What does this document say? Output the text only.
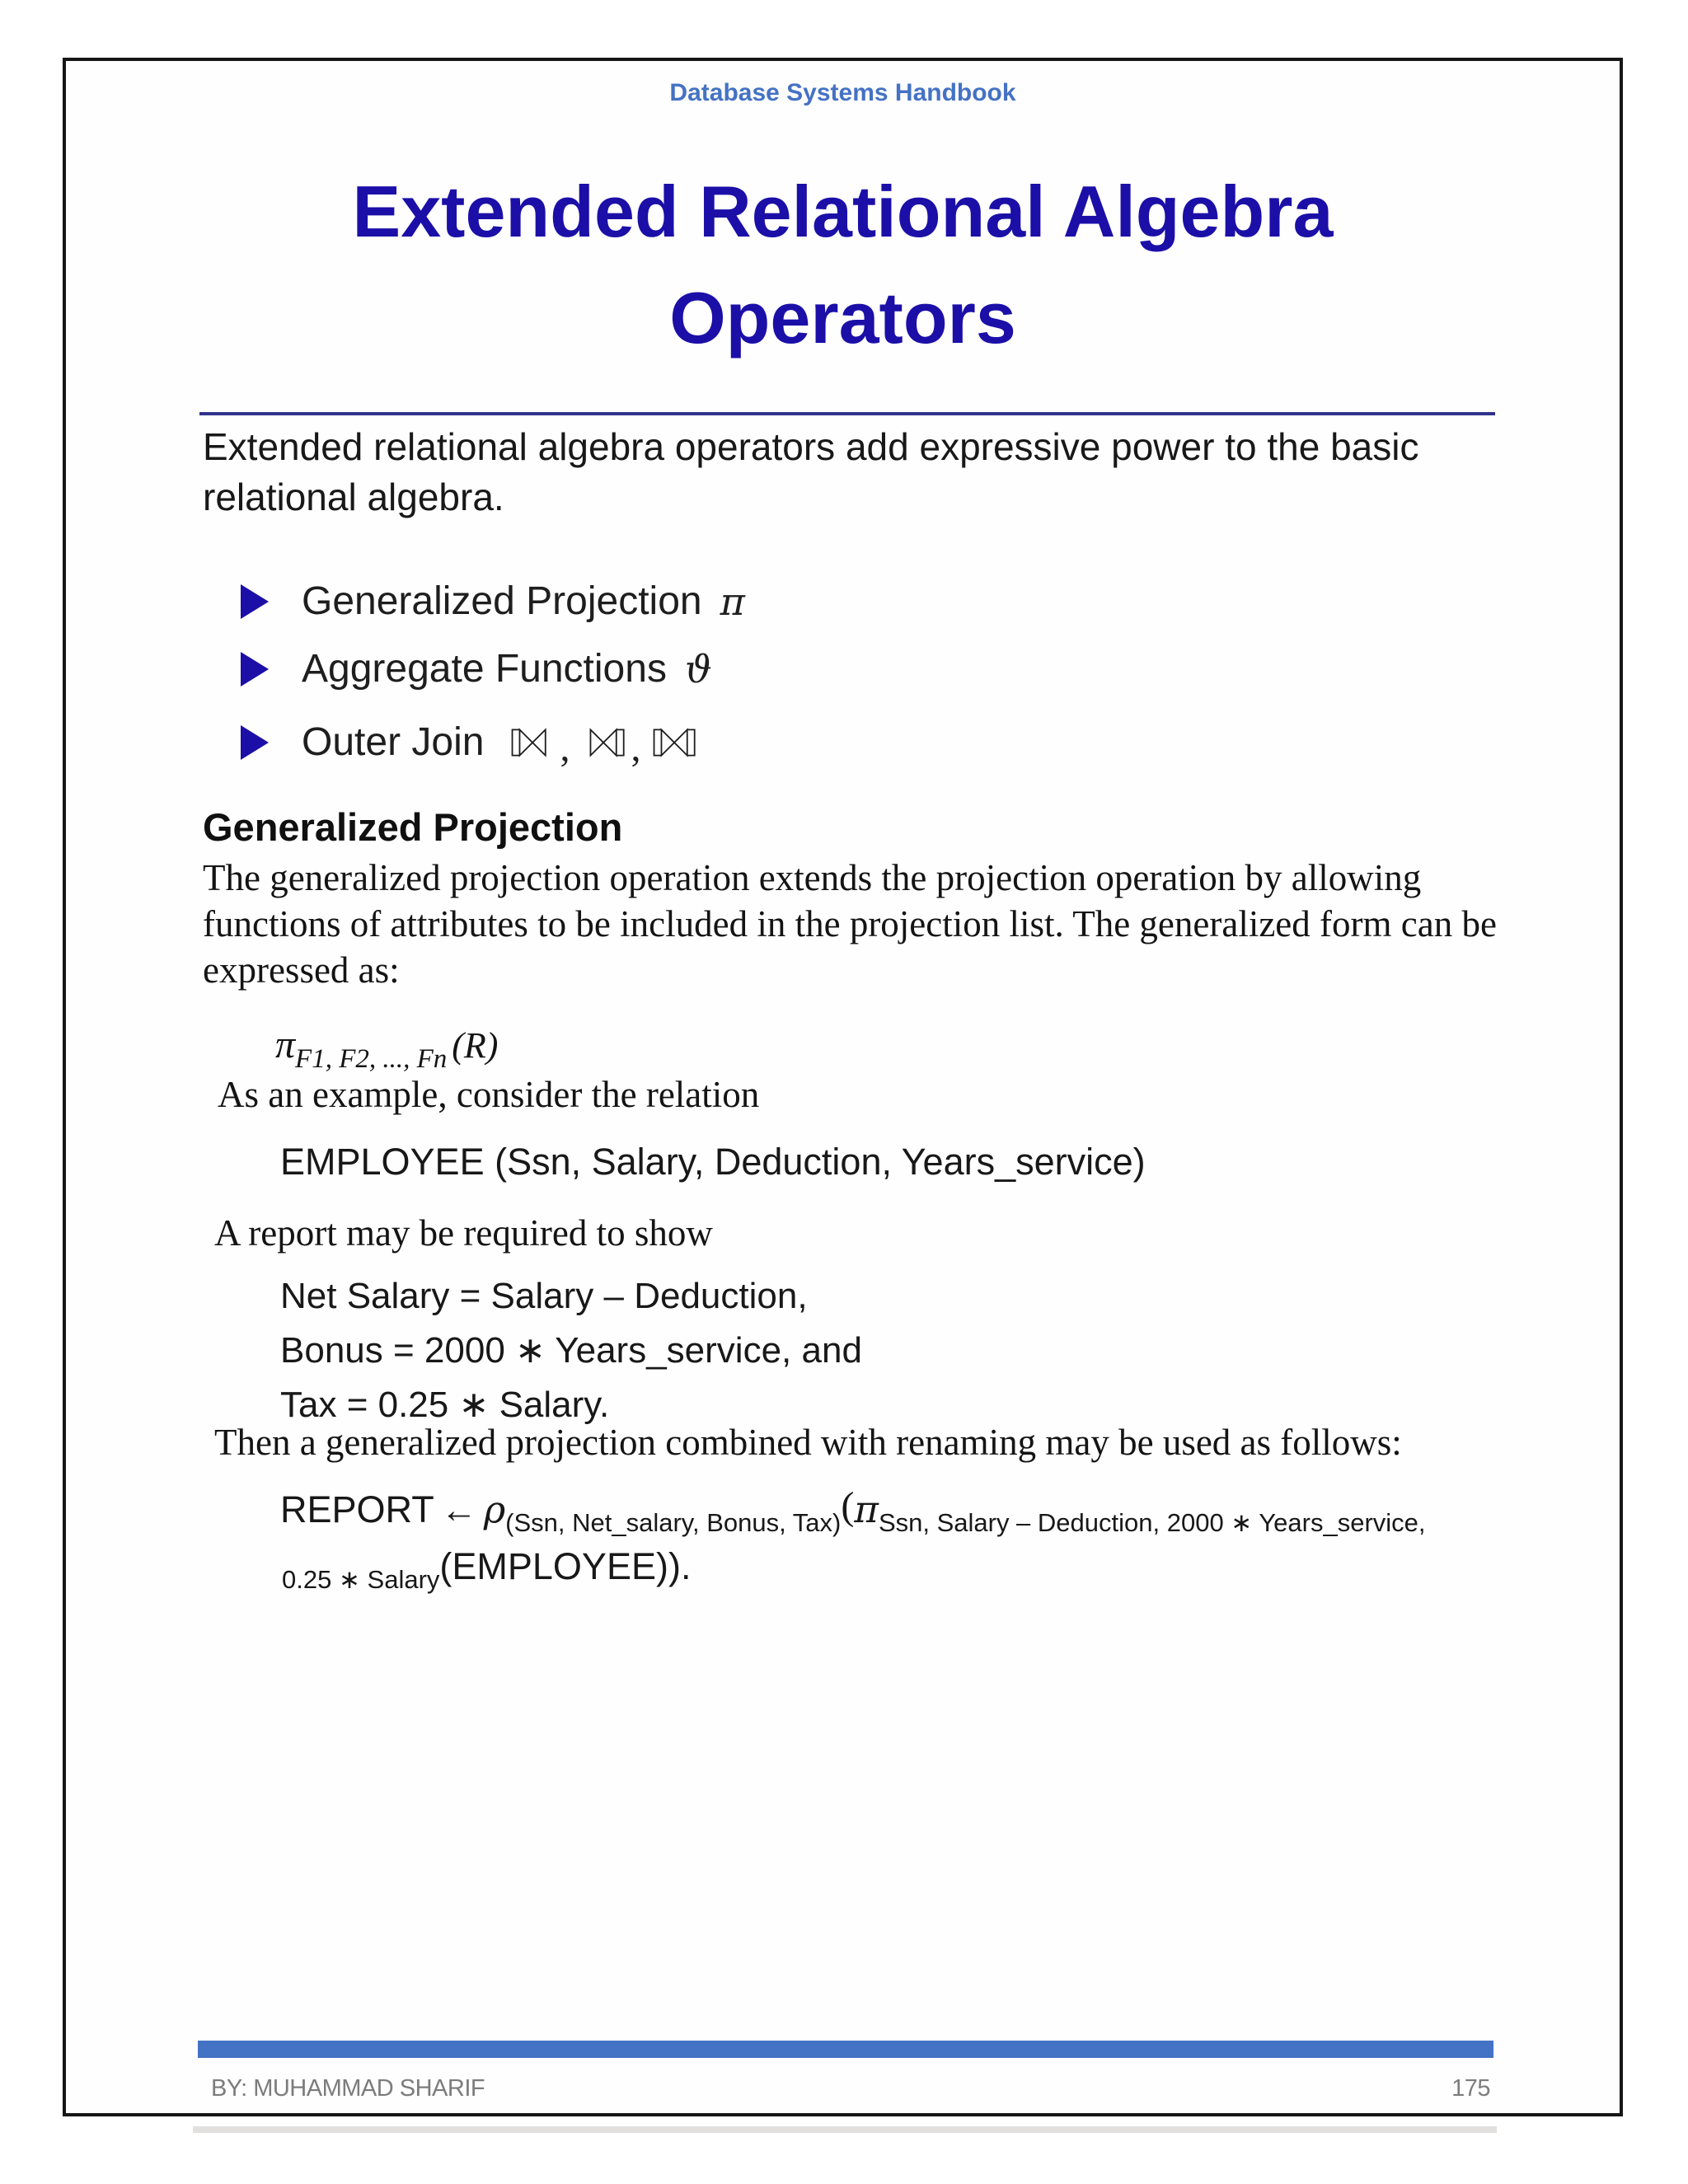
Database Systems Handbook
Extended Relational Algebra
Operators
Extended relational algebra operators add expressive power to the basic relational algebra.
Generalized Projection π
Aggregate Functions ϑ
Outer Join , ,
Generalized Projection
The generalized projection operation extends the projection operation by allowing functions of attributes to be included in the projection list. The generalized form can be expressed as:
$\pi_{F1, F2, ..., Fn}$ (R)
As an example, consider the relation
EMPLOYEE (Ssn, Salary, Deduction, Years_service)
A report may be required to show
Net Salary = Salary – Deduction,
Bonus = 2000 ∗ Years_service, and
Tax = 0.25 ∗ Salary.
Then a generalized projection combined with renaming may be used as follows:
REPORT ← ρ(Ssn, Net_salary, Bonus, Tax)(πSsn, Salary – Deduction, 2000 ∗ Years_service,
0.25 ∗ Salary(EMPLOYEE)).
BY: MUHAMMAD SHARIF	175
